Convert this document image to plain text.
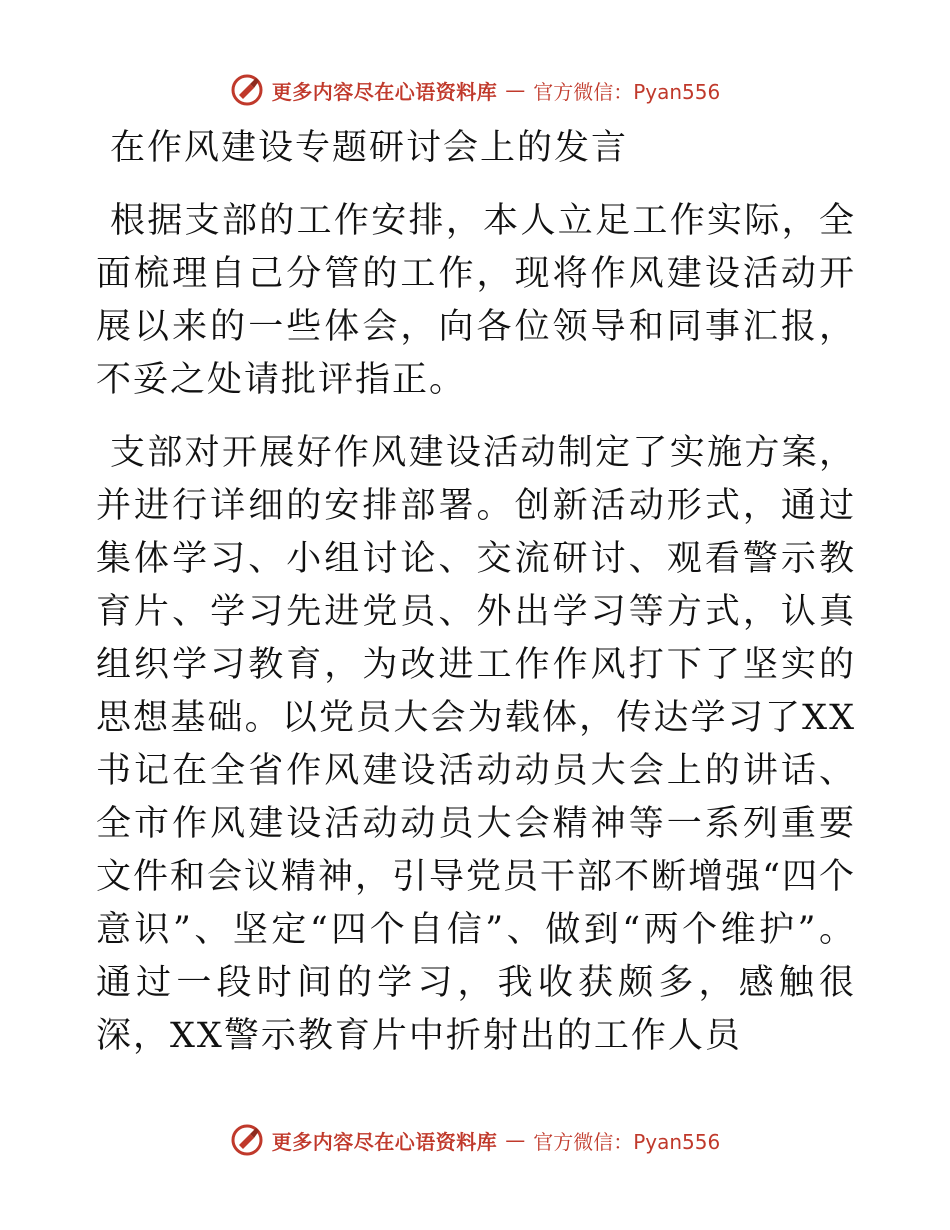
更多内容尽在心语资料库 — 官方微信：Pyan556
在作风建设专题研讨会上的发言

根据支部的工作安排，本人立足工作实际，全面梳理自己分管的工作，现将作风建设活动开展以来的一些体会，向各位领导和同事汇报，不妥之处请批评指正。

支部对开展好作风建设活动制定了实施方案，并进行详细的安排部署。创新活动形式，通过集体学习、小组讨论、交流研讨、观看警示教育片、学习先进党员、外出学习等方式，认真组织学习教育，为改进工作作风打下了坚实的思想基础。以党员大会为载体，传达学习了XX书记在全省作风建设活动动员大会上的讲话、全市作风建设活动动员大会精神等一系列重要文件和会议精神，引导党员干部不断增强“四个意识”、坚定“四个自信”、做到“两个维护”。通过一段时间的学习，我收获颇多，感触很深，XX警示教育片中折射出的工作人员

更多内容尽在心语资料库 — 官方微信：Pyan556
